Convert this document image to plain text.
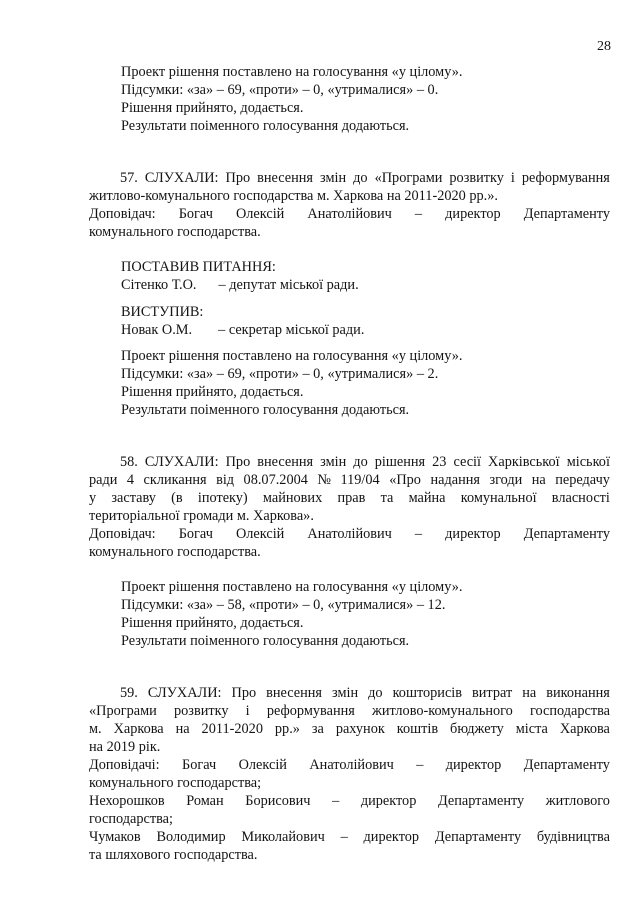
28
Проект рішення поставлено на голосування «у цілому».
Підсумки: «за» – 69, «проти» – 0, «утрималися» – 0.
Рішення прийнято, додається.
Результати поіменного голосування додаються.
57. СЛУХАЛИ: Про внесення змін до «Програми розвитку і реформування
житлово-комунального господарства м. Харкова на 2011-2020 рр.».
Доповідач: Богач Олексій Анатолійович – директор Департаменту
комунального господарства.
ПОСТАВИВ ПИТАННЯ:
Сітенко Т.О. – депутат міської ради.
ВИСТУПИВ:
Новак О.М. – секретар міської ради.
Проект рішення поставлено на голосування «у цілому».
Підсумки: «за» – 69, «проти» – 0, «утрималися» – 2.
Рішення прийнято, додається.
Результати поіменного голосування додаються.
58. СЛУХАЛИ: Про внесення змін до рішення 23 сесії Харківської міської
ради 4 скликання від 08.07.2004 № 119/04 «Про надання згоди на передачу
у заставу (в іпотеку) майнових прав та майна комунальної власності
територіальної громади м. Харкова».
Доповідач: Богач Олексій Анатолійович – директор Департаменту
комунального господарства.
Проект рішення поставлено на голосування «у цілому».
Підсумки: «за» – 58, «проти» – 0, «утрималися» – 12.
Рішення прийнято, додається.
Результати поіменного голосування додаються.
59. СЛУХАЛИ: Про внесення змін до кошторисів витрат на виконання
«Програми розвитку і реформування житлово-комунального господарства
м. Харкова на 2011-2020 рр.» за рахунок коштів бюджету міста Харкова
на 2019 рік.
Доповідачі: Богач Олексій Анатолійович – директор Департаменту
комунального господарства;
Нехорошков Роман Борисович – директор Департаменту житлового
господарства;
Чумаков Володимир Миколайович – директор Департаменту будівництва
та шляхового господарства.
